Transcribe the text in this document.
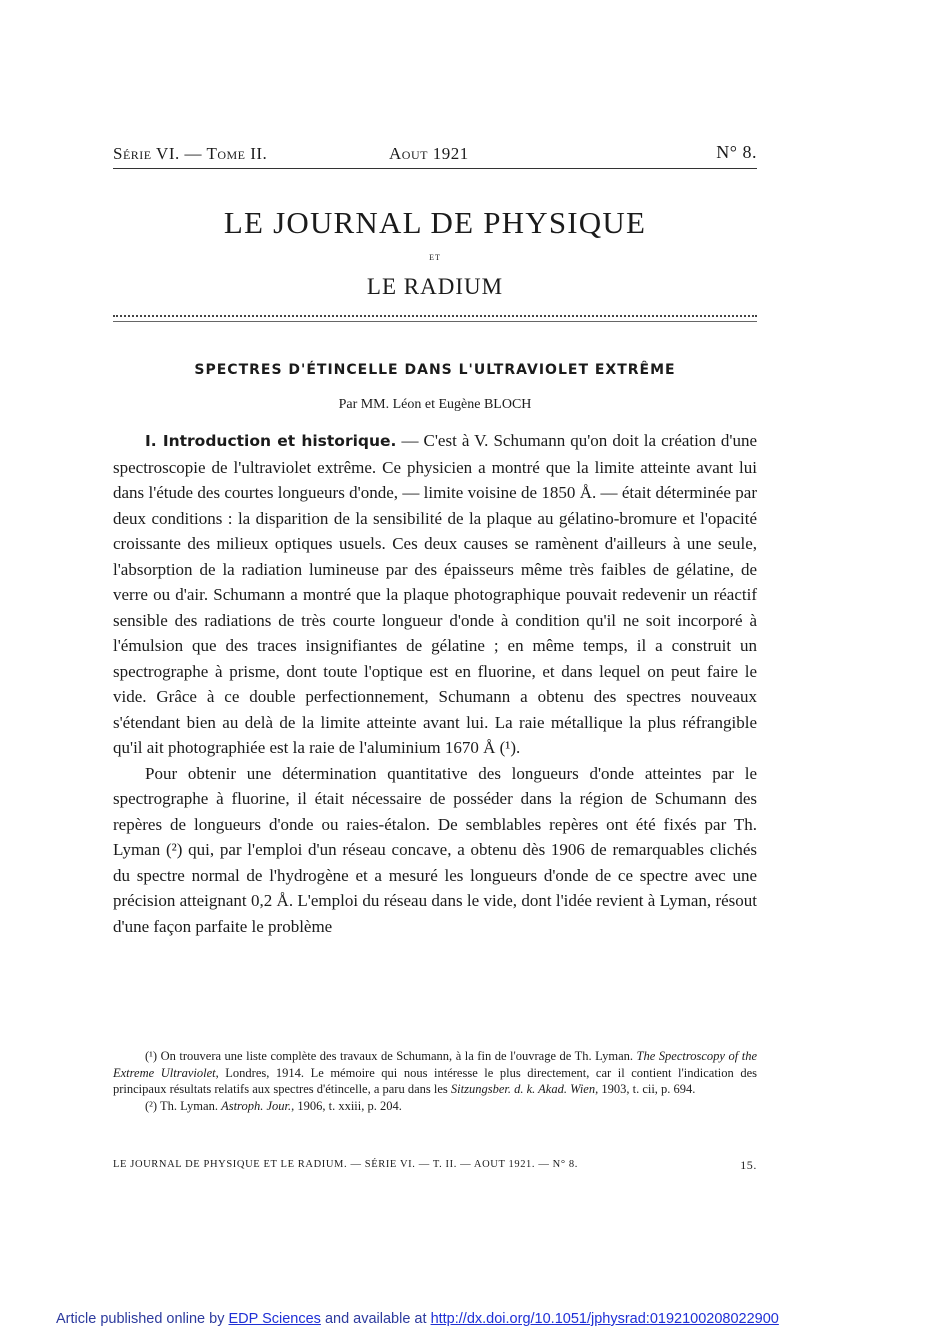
Série VI. — Tome II.	Aout 1921	N° 8.
LE JOURNAL DE PHYSIQUE
ET
LE RADIUM
SPECTRES D'ÉTINCELLE DANS L'ULTRAVIOLET EXTRÊME
Par MM. Léon et Eugène BLOCH

I. Introduction et historique. — C'est à V. Schumann qu'on doit la création d'une spectroscopie de l'ultraviolet extrême. Ce physicien a montré que la limite atteinte avant lui dans l'étude des courtes longueurs d'onde, — limite voisine de 1850 Å. — était déterminée par deux conditions : la disparition de la sensibilité de la plaque au gélatino-bromure et l'opacité croissante des milieux optiques usuels. Ces deux causes se ramènent d'ailleurs à une seule, l'absorption de la radiation lumineuse par des épaisseurs même très faibles de gélatine, de verre ou d'air. Schumann a montré que la plaque photographique pouvait redevenir un réactif sensible des radiations de très courte longueur d'onde à condition qu'il ne soit incorporé à l'émulsion que des traces insignifiantes de gélatine ; en même temps, il a construit un spectrographe à prisme, dont toute l'optique est en fluorine, et dans lequel on peut faire le vide. Grâce à ce double perfectionnement, Schumann a obtenu des spectres nouveaux s'étendant bien au delà de la limite atteinte avant lui. La raie métallique la plus réfrangible qu'il ait photographiée est la raie de l'aluminium 1670 Å (¹).

Pour obtenir une détermination quantitative des longueurs d'onde atteintes par le spectrographe à fluorine, il était nécessaire de posséder dans la région de Schumann des repères de longueurs d'onde ou raies-étalon. De semblables repères ont été fixés par Th. Lyman (²) qui, par l'emploi d'un réseau concave, a obtenu dès 1906 de remarquables clichés du spectre normal de l'hydrogène et a mesuré les longueurs d'onde de ce spectre avec une précision atteignant 0,2 Å. L'emploi du réseau dans le vide, dont l'idée revient à Lyman, résout d'une façon parfaite le problème

(¹) On trouvera une liste complète des travaux de Schumann, à la fin de l'ouvrage de Th. Lyman. The Spectroscopy of the Extreme Ultraviolet, Londres, 1914. Le mémoire qui nous intéresse le plus directement, car il contient l'indication des principaux résultats relatifs aux spectres d'étincelle, a paru dans les Sitzungsber. d. k. Akad. Wien, 1903, t. cii, p. 694.

(²) Th. Lyman. Astroph. Jour., 1906, t. xxiii, p. 204.

LE JOURNAL DE PHYSIQUE ET LE RADIUM. — SÉRIE VI. — T. II. — AOUT 1921. — N° 8.	15.
Article published online by EDP Sciences and available at http://dx.doi.org/10.1051/jphysrad:0192100208022900
